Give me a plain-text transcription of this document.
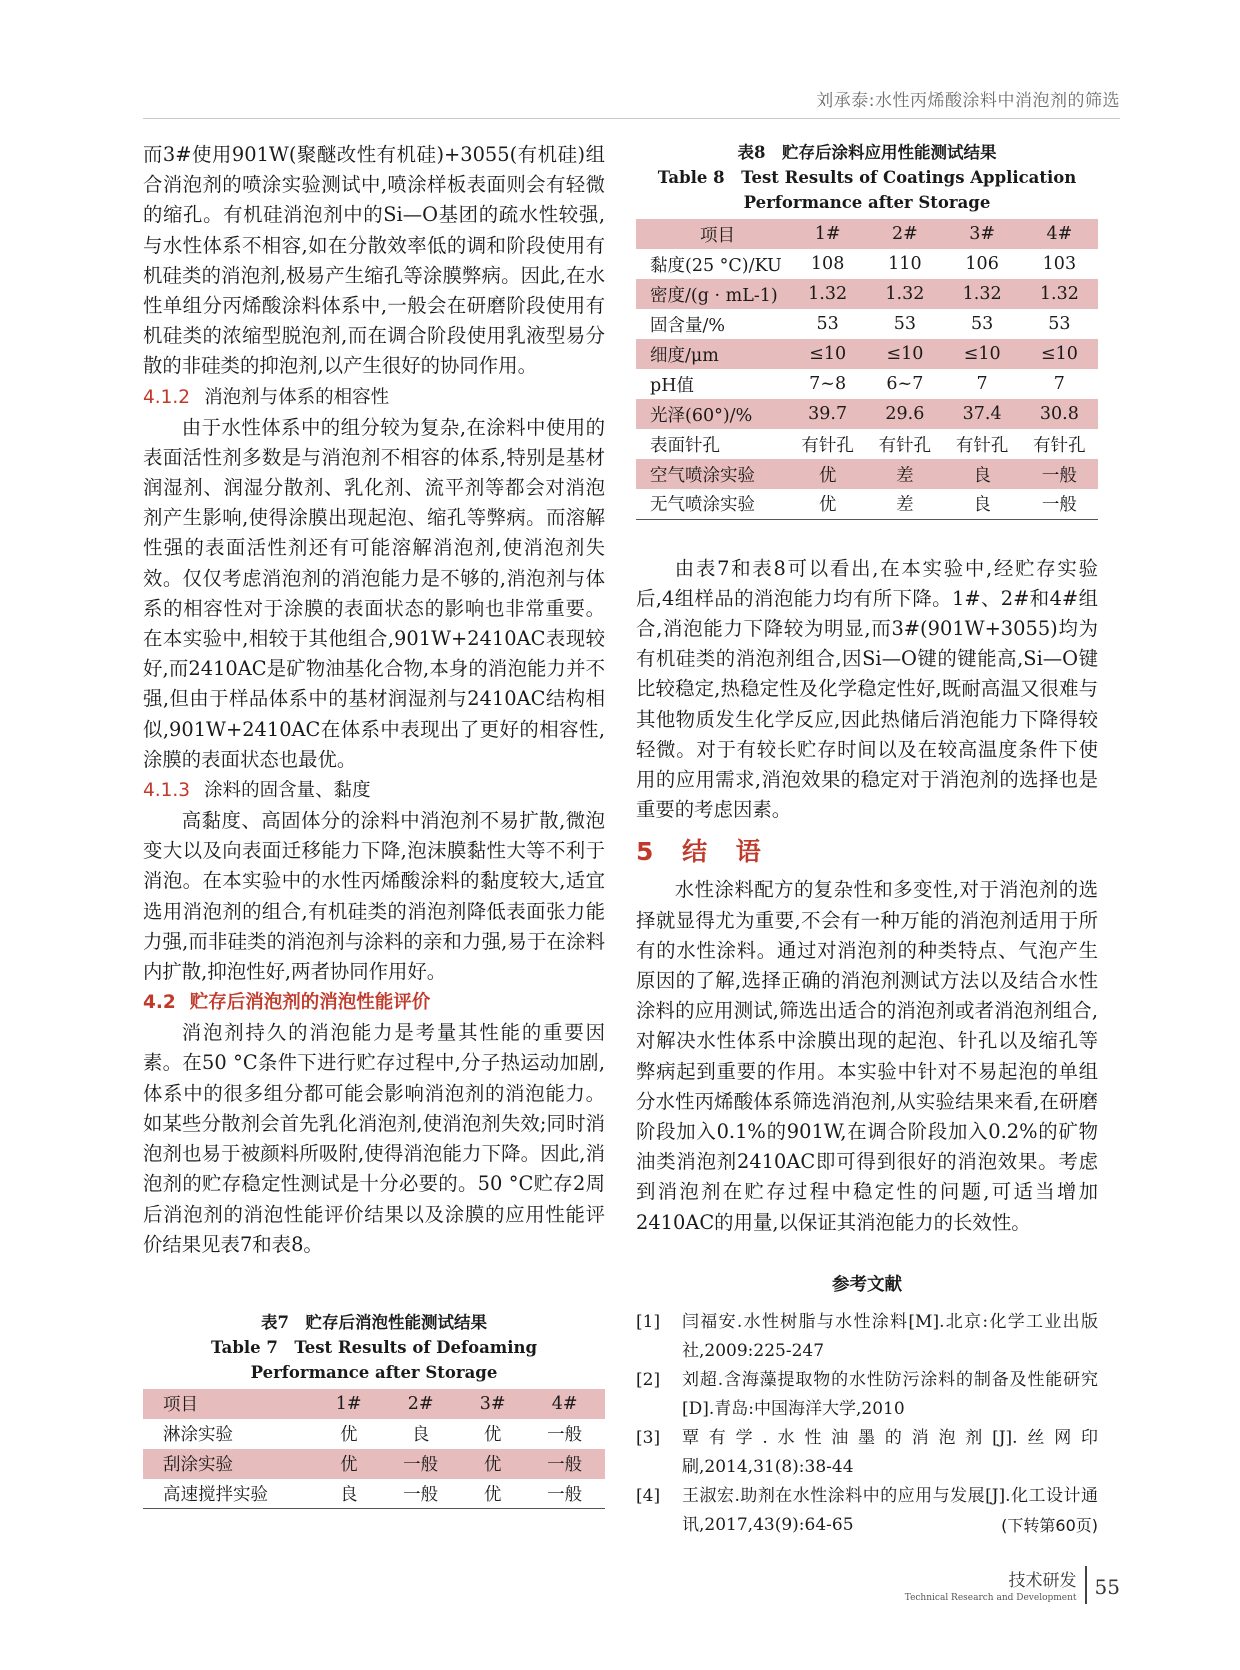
刘承泰:水性丙烯酸涂料中消泡剂的筛选

而3#使用901W(聚醚改性有机硅)+3055(有机硅)组合消泡剂的喷涂实验测试中,喷涂样板表面则会有轻微的缩孔。有机硅消泡剂中的Si—O基团的疏水性较强,与水性体系不相容,如在分散效率低的调和阶段使用有机硅类的消泡剂,极易产生缩孔等涂膜弊病。因此,在水性单组分丙烯酸涂料体系中,一般会在研磨阶段使用有机硅类的浓缩型脱泡剂,而在调合阶段使用乳液型易分散的非硅类的抑泡剂,以产生很好的协同作用。

4.1.2 消泡剂与体系的相容性

由于水性体系中的组分较为复杂,在涂料中使用的表面活性剂多数是与消泡剂不相容的体系,特别是基材润湿剂、润湿分散剂、乳化剂、流平剂等都会对消泡剂产生影响,使得涂膜出现起泡、缩孔等弊病。而溶解性强的表面活性剂还有可能溶解消泡剂,使消泡剂失效。仅仅考虑消泡剂的消泡能力是不够的,消泡剂与体系的相容性对于涂膜的表面状态的影响也非常重要。在本实验中,相较于其他组合,901W+2410AC表现较好,而2410AC是矿物油基化合物,本身的消泡能力并不强,但由于样品体系中的基材润湿剂与2410AC结构相似,901W+2410AC在体系中表现出了更好的相容性,涂膜的表面状态也最优。

4.1.3 涂料的固含量、黏度

高黏度、高固体分的涂料中消泡剂不易扩散,微泡变大以及向表面迁移能力下降,泡沫膜黏性大等不利于消泡。在本实验中的水性丙烯酸涂料的黏度较大,适宜选用消泡剂的组合,有机硅类的消泡剂降低表面张力能力强,而非硅类的消泡剂与涂料的亲和力强,易于在涂料内扩散,抑泡性好,两者协同作用好。

4.2 贮存后消泡剂的消泡性能评价

消泡剂持久的消泡能力是考量其性能的重要因素。在50 °C条件下进行贮存过程中,分子热运动加剧,体系中的很多组分都可能会影响消泡剂的消泡能力。如某些分散剂会首先乳化消泡剂,使消泡剂失效;同时消泡剂也易于被颜料所吸附,使得消泡能力下降。因此,消泡剂的贮存稳定性测试是十分必要的。50 °C贮存2周后消泡剂的消泡性能评价结果以及涂膜的应用性能评价结果见表7和表8。

表7　贮存后消泡性能测试结果
Table 7　Test Results of Defoaming Performance after Storage
项目	1#	2#	3#	4#
淋涂实验	优	良	优	一般
刮涂实验	优	一般	优	一般
高速搅拌实验	良	一般	优	一般
表8　贮存后涂料应用性能测试结果
Table 8　Test Results of Coatings Application Performance after Storage
项目	1#	2#	3#	4#
黏度(25 °C)/KU	108	110	106	103
密度/(g · mL-1)	1.32	1.32	1.32	1.32
固含量/%	53	53	53	53
细度/μm	≤10	≤10	≤10	≤10
pH值	7~8	6~7	7	7
光泽(60°)/%	39.7	29.6	37.4	30.8
表面针孔	有针孔	有针孔	有针孔	有针孔
空气喷涂实验	优	差	良	一般
无气喷涂实验	优	差	良	一般

由表7和表8可以看出,在本实验中,经贮存实验后,4组样品的消泡能力均有所下降。1#、2#和4#组合,消泡能力下降较为明显,而3#(901W+3055)均为有机硅类的消泡剂组合,因Si—O键的键能高,Si—O键比较稳定,热稳定性及化学稳定性好,既耐高温又很难与其他物质发生化学反应,因此热储后消泡能力下降得较轻微。对于有较长贮存时间以及在较高温度条件下使用的应用需求,消泡效果的稳定对于消泡剂的选择也是重要的考虑因素。

5 结 语

水性涂料配方的复杂性和多变性,对于消泡剂的选择就显得尤为重要,不会有一种万能的消泡剂适用于所有的水性涂料。通过对消泡剂的种类特点、气泡产生原因的了解,选择正确的消泡剂测试方法以及结合水性涂料的应用测试,筛选出适合的消泡剂或者消泡剂组合,对解决水性体系中涂膜出现的起泡、针孔以及缩孔等弊病起到重要的作用。本实验中针对不易起泡的单组分水性丙烯酸体系筛选消泡剂,从实验结果来看,在研磨阶段加入0.1%的901W,在调合阶段加入0.2%的矿物油类消泡剂2410AC即可得到很好的消泡效果。考虑到消泡剂在贮存过程中稳定性的问题,可适当增加2410AC的用量,以保证其消泡能力的长效性。

参考文献
[1]	闫福安.水性树脂与水性涂料[M].北京:化学工业出版社,2009:225-247
[2]	刘超.含海藻提取物的水性防污涂料的制备及性能研究[D].青岛:中国海洋大学,2010
[3]	覃有学.水性油墨的消泡剂[J].丝网印刷,2014,31(8):38-44
[4]	王淑宏.助剂在水性涂料中的应用与发展[J].化工设计通讯,2017,43(9):64-65	(下转第60页)
技术研发
Technical Research and Development 55
